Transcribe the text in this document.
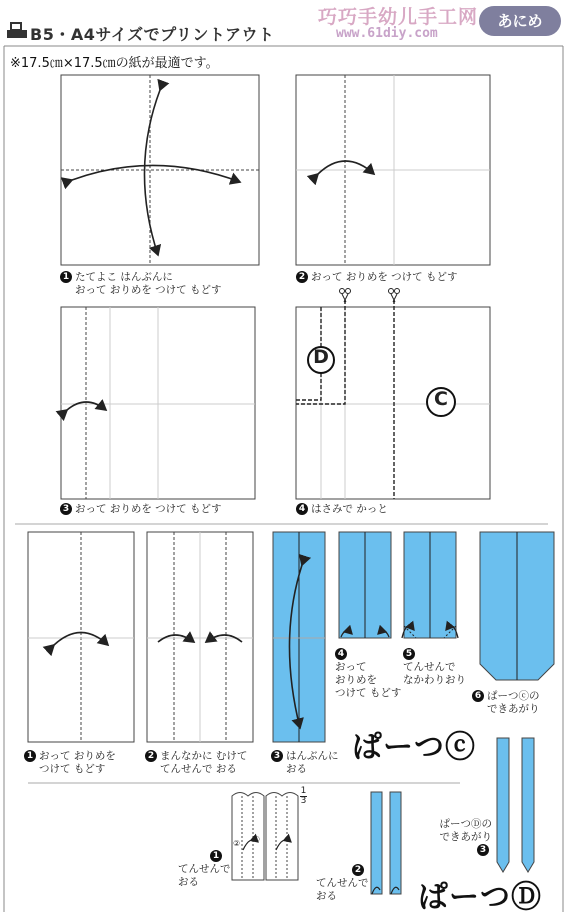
B5・A4サイズでプリントアウト
巧巧手幼儿手工网
www.61diy.com
あにめ
※17.5㎝×17.5㎝の紙が最適です。
D
C
1
3
② ①
1 たてよこ はんぶんに
おって おりめを つけて もどす
2 おって おりめを つけて もどす
3 おって おりめを つけて もどす	4 はさみで かっと
1 おって おりめを
つけて もどす
2 まんなかに むけて
てんせんで おる
3 はんぶんに
おる
4
おって
おりめを
つけて もどす
5
てんせんで
なかわりおり
6 ぱーつⓒの
できあがり
ぱーつⓒ
1
てんせんで
おる
2
てんせんで
おる
ぱーつⒹの
できあがり
3
ぱーつⒹ
